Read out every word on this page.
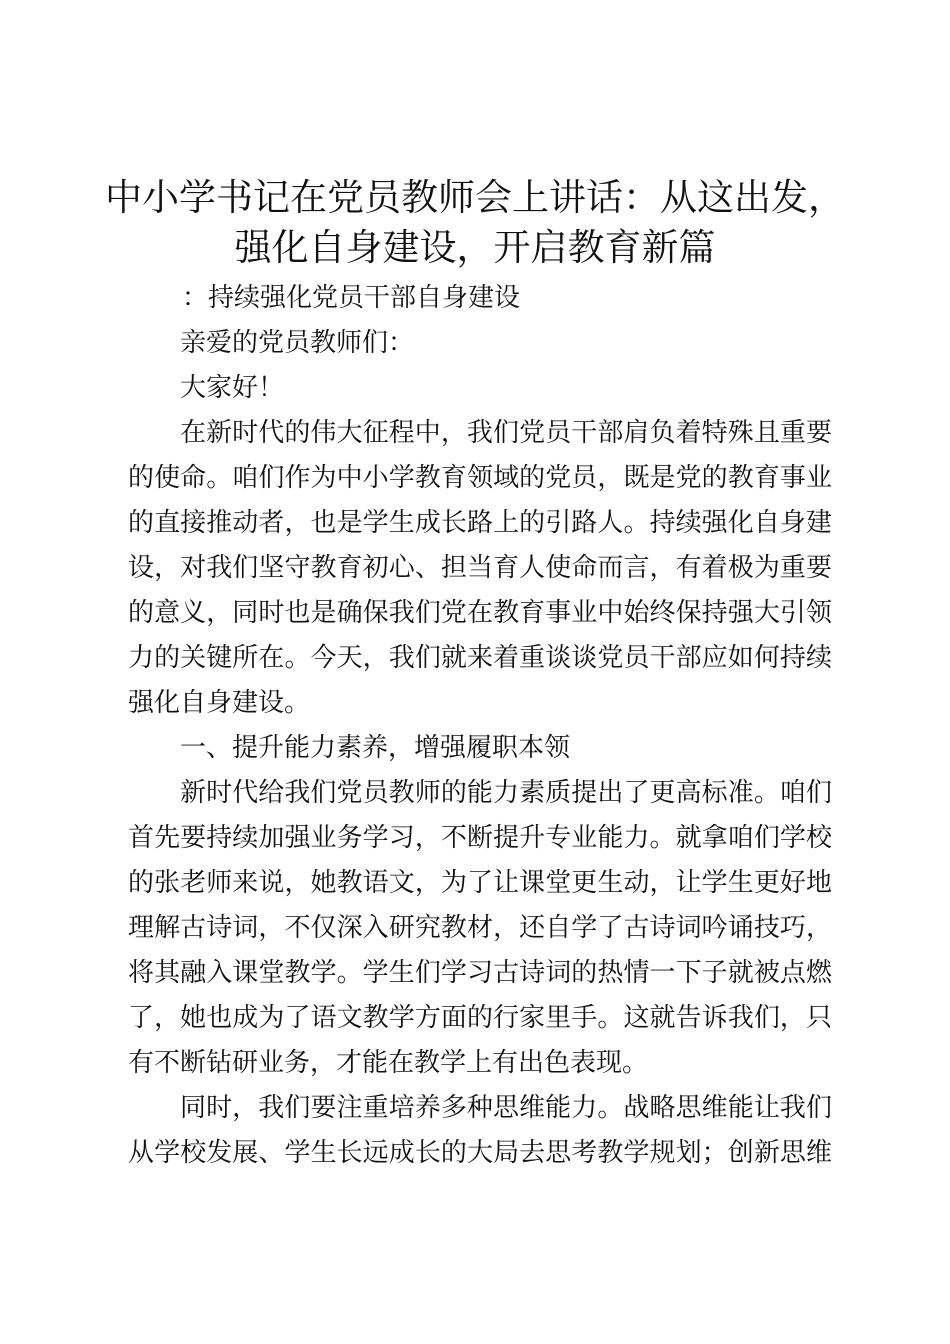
中小学书记在党员教师会上讲话：从这出发，
强化自身建设，开启教育新篇
：持续强化党员干部自身建设
亲爱的党员教师们：
大家好！
在新时代的伟大征程中，我们党员干部肩负着特殊且重要
的使命。咱们作为中小学教育领域的党员，既是党的教育事业
的直接推动者，也是学生成长路上的引路人。持续强化自身建
设，对我们坚守教育初心、担当育人使命而言，有着极为重要
的意义，同时也是确保我们党在教育事业中始终保持强大引领
力的关键所在。今天，我们就来着重谈谈党员干部应如何持续
强化自身建设。
一、提升能力素养，增强履职本领
新时代给我们党员教师的能力素质提出了更高标准。咱们
首先要持续加强业务学习，不断提升专业能力。就拿咱们学校
的张老师来说，她教语文，为了让课堂更生动，让学生更好地
理解古诗词，不仅深入研究教材，还自学了古诗词吟诵技巧，
将其融入课堂教学。学生们学习古诗词的热情一下子就被点燃
了，她也成为了语文教学方面的行家里手。这就告诉我们，只
有不断钻研业务，才能在教学上有出色表现。
同时，我们要注重培养多种思维能力。战略思维能让我们
从学校发展、学生长远成长的大局去思考教学规划；创新思维
